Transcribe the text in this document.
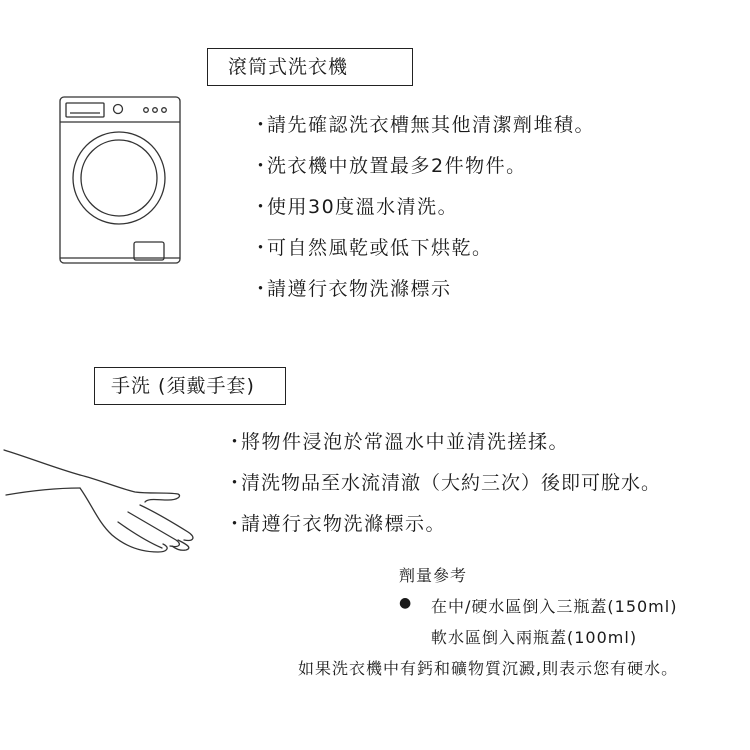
滾筒式洗衣機
・
請先確認洗衣槽無其他清潔劑堆積。
・
洗衣機中放置最多2件物件。
・
使用30度溫水清洗。
・
可自然風乾或低下烘乾。
・
請遵行衣物洗滌標示
手洗 (須戴手套)
・
將物件浸泡於常溫水中並清洗搓揉。
・
清洗物品至水流清澈（大約三次）後即可脫水。
・
請遵行衣物洗滌標示。
劑量參考
● 在中/硬水區倒入三瓶蓋(150ml)
軟水區倒入兩瓶蓋(100ml)
如果洗衣機中有鈣和礦物質沉澱,則表示您有硬水。
